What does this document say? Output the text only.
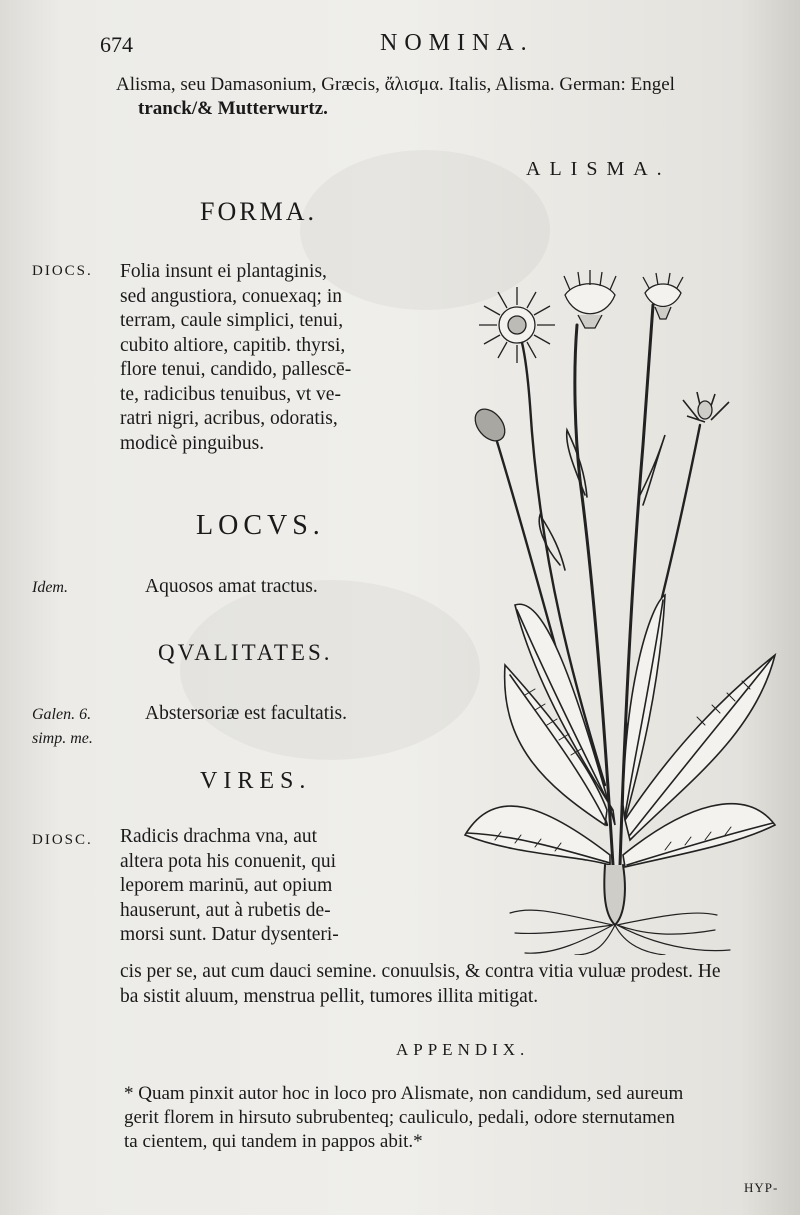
674	NOMINA.
Alisma, seu Damasonium, Græcis, ἄλισμα. Italis, Alisma. German: Engel
tranck/& Mutterwurtz.
ALISMA.
FORMA.
DIOCS. Folia insunt ei plantaginis,
sed angustiora, conuexaq; in
terram, caule simplici, tenui,
cubito altiore, capitib. thyrsi,
flore tenui, candido, pallescē-
te, radicibus tenuibus, vt ve-
ratri nigri, acribus, odoratis,
modicè pinguibus.
LOCVS.
Idem.	Aquosos amat tractus.
QVALITATES.
Galen. 6.
simp. me.
Abstersoriæ est facultatis.
VIRES.
DIOSC. Radicis drachma vna, aut
altera pota his conuenit, qui
leporem marinū, aut opium
hauserunt, aut à rubetis de-
morsi sunt. Datur dysenteri-
cis per se, aut cum dauci semine. conuulsis, & contra vitia vuluæ prodest. He
ba sistit aluum, menstrua pellit, tumores illita mitigat.
APPENDIX.
* Quam pinxit autor hoc in loco pro Alismate, non candidum, sed aureum
gerit florem in hirsuto subrubenteq; cauliculo, pedali, odore sternutamen
ta cientem, qui tandem in pappos abit.*
HYP-
